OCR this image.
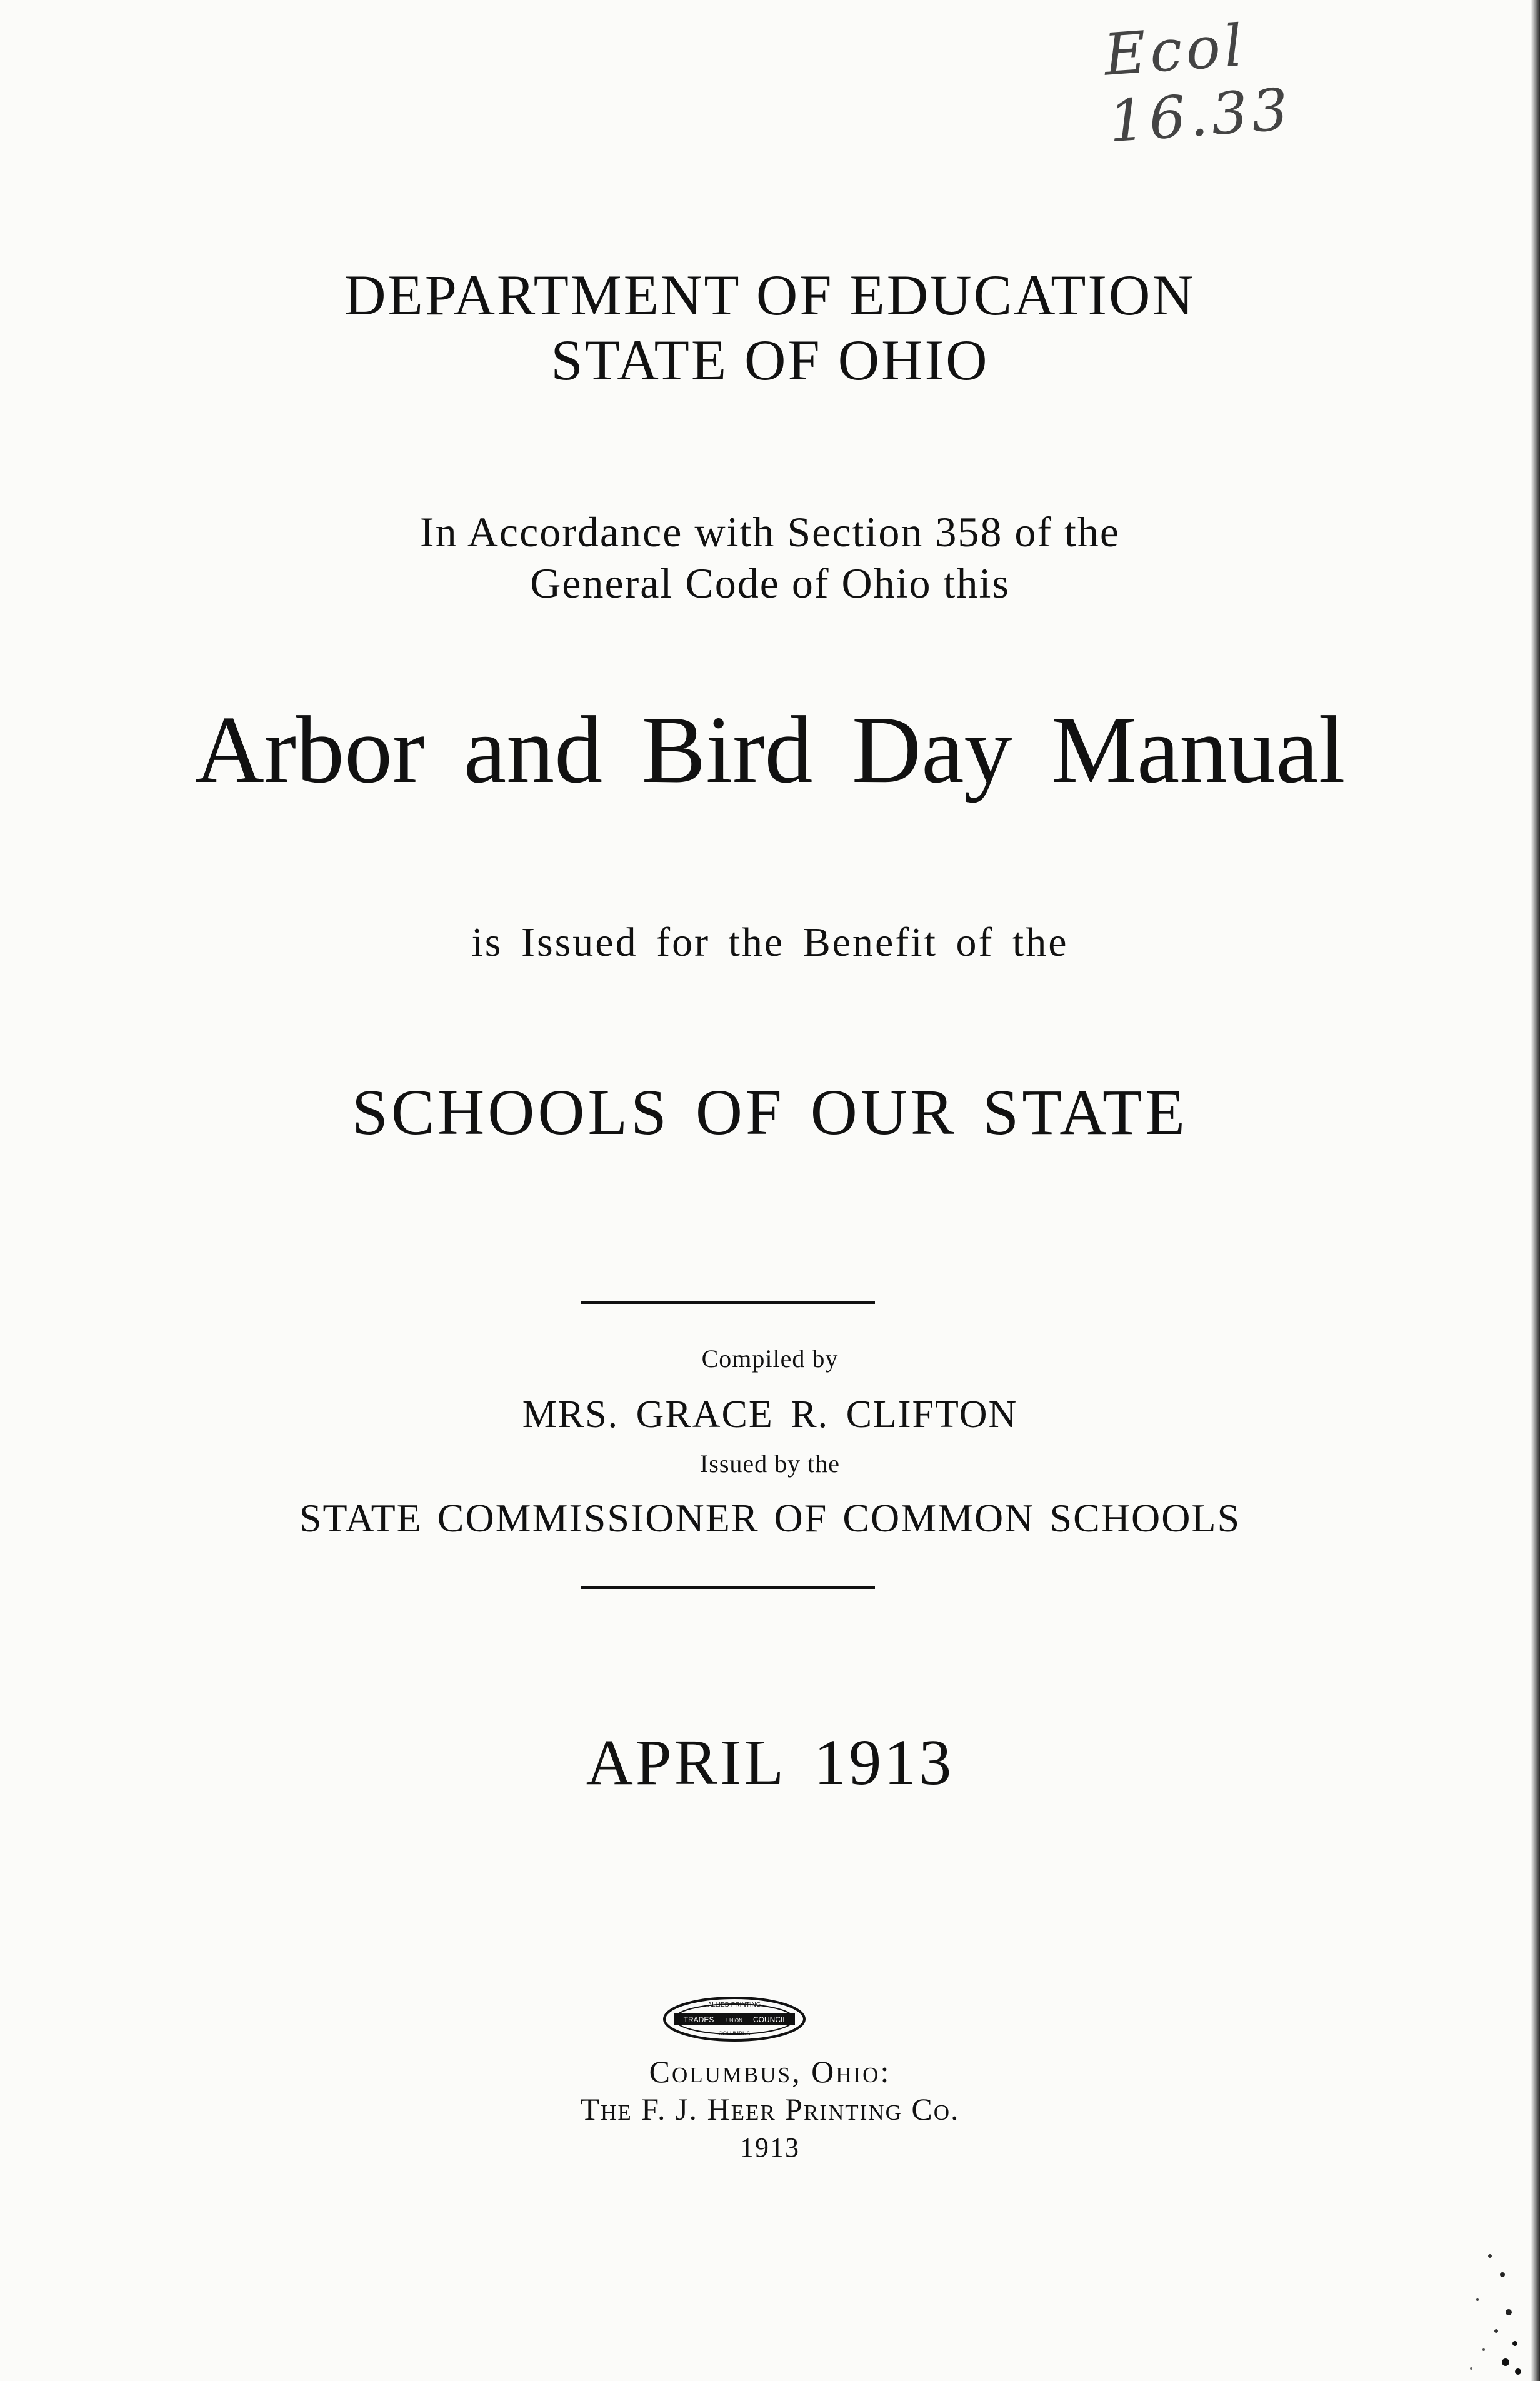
Ecol 16.33
DEPARTMENT OF EDUCATION
STATE OF OHIO
In Accordance with Section 358 of the
General Code of Ohio this
Arbor and Bird Day Manual
is Issued for the Benefit of the
SCHOOLS OF OUR STATE
Compiled by
MRS. GRACE R. CLIFTON
Issued by the
STATE COMMISSIONER OF COMMON SCHOOLS
APRIL 1913
ALLIED PRINTING
TRADES UNION COUNCIL
COLUMBUS
Columbus, Ohio:
The F. J. Heer Printing Co.
1913
